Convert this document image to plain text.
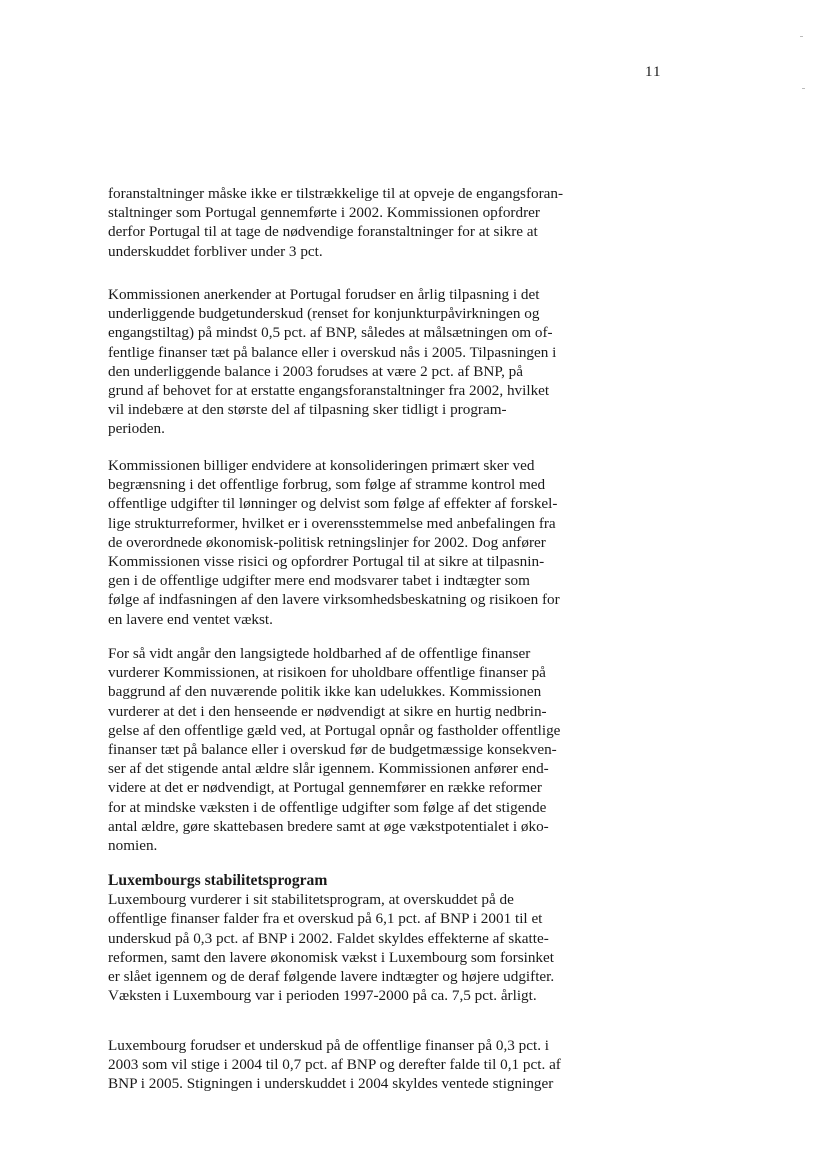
11
foranstaltninger måske ikke er tilstrækkelige til at opveje de engangsforan-
staltninger som Portugal gennemførte i 2002. Kommissionen opfordrer
derfor Portugal til at tage de nødvendige foranstaltninger for at sikre at
underskuddet forbliver under 3 pct.
Kommissionen anerkender at Portugal forudser en årlig tilpasning i det
underliggende budgetunderskud (renset for konjunkturpåvirkningen og
engangstiltag) på mindst 0,5 pct. af BNP, således at målsætningen om of-
fentlige finanser tæt på balance eller i overskud nås i 2005. Tilpasningen i
den underliggende balance i 2003 forudses at være 2 pct. af BNP, på
grund af behovet for at erstatte engangsforanstaltninger fra 2002, hvilket
vil indebære at den største del af tilpasning sker tidligt i program-
perioden.
Kommissionen billiger endvidere at konsolideringen primært sker ved
begrænsning i det offentlige forbrug, som følge af stramme kontrol med
offentlige udgifter til lønninger og delvist som følge af effekter af forskel-
lige strukturreformer, hvilket er i overensstemmelse med anbefalingen fra
de overordnede økonomisk-politisk retningslinjer for 2002. Dog anfører
Kommissionen visse risici og opfordrer Portugal til at sikre at tilpasnin-
gen i de offentlige udgifter mere end modsvarer tabet i indtægter som
følge af indfasningen af den lavere virksomhedsbeskatning og risikoen for
en lavere end ventet vækst.
For så vidt angår den langsigtede holdbarhed af de offentlige finanser
vurderer Kommissionen, at risikoen for uholdbare offentlige finanser på
baggrund af den nuværende politik ikke kan udelukkes. Kommissionen
vurderer at det i den henseende er nødvendigt at sikre en hurtig nedbrin-
gelse af den offentlige gæld ved, at Portugal opnår og fastholder offentlige
finanser tæt på balance eller i overskud før de budgetmæssige konsekven-
ser af det stigende antal ældre slår igennem. Kommissionen anfører end-
videre at det er nødvendigt, at Portugal gennemfører en række reformer
for at mindske væksten i de offentlige udgifter som følge af det stigende
antal ældre, gøre skattebasen bredere samt at øge vækstpotentialet i øko-
nomien.
Luxembourgs stabilitetsprogram
Luxembourg vurderer i sit stabilitetsprogram, at overskuddet på de
offentlige finanser falder fra et overskud på 6,1 pct. af BNP i 2001 til et
underskud på 0,3 pct. af BNP i 2002. Faldet skyldes effekterne af skatte-
reformen, samt den lavere økonomisk vækst i Luxembourg som forsinket
er slået igennem og de deraf følgende lavere indtægter og højere udgifter.
Væksten i Luxembourg var i perioden 1997-2000 på ca. 7,5 pct. årligt.
Luxembourg forudser et underskud på de offentlige finanser på 0,3 pct. i
2003 som vil stige i 2004 til 0,7 pct. af BNP og derefter falde til 0,1 pct. af
BNP i 2005. Stigningen i underskuddet i 2004 skyldes ventede stigninger
